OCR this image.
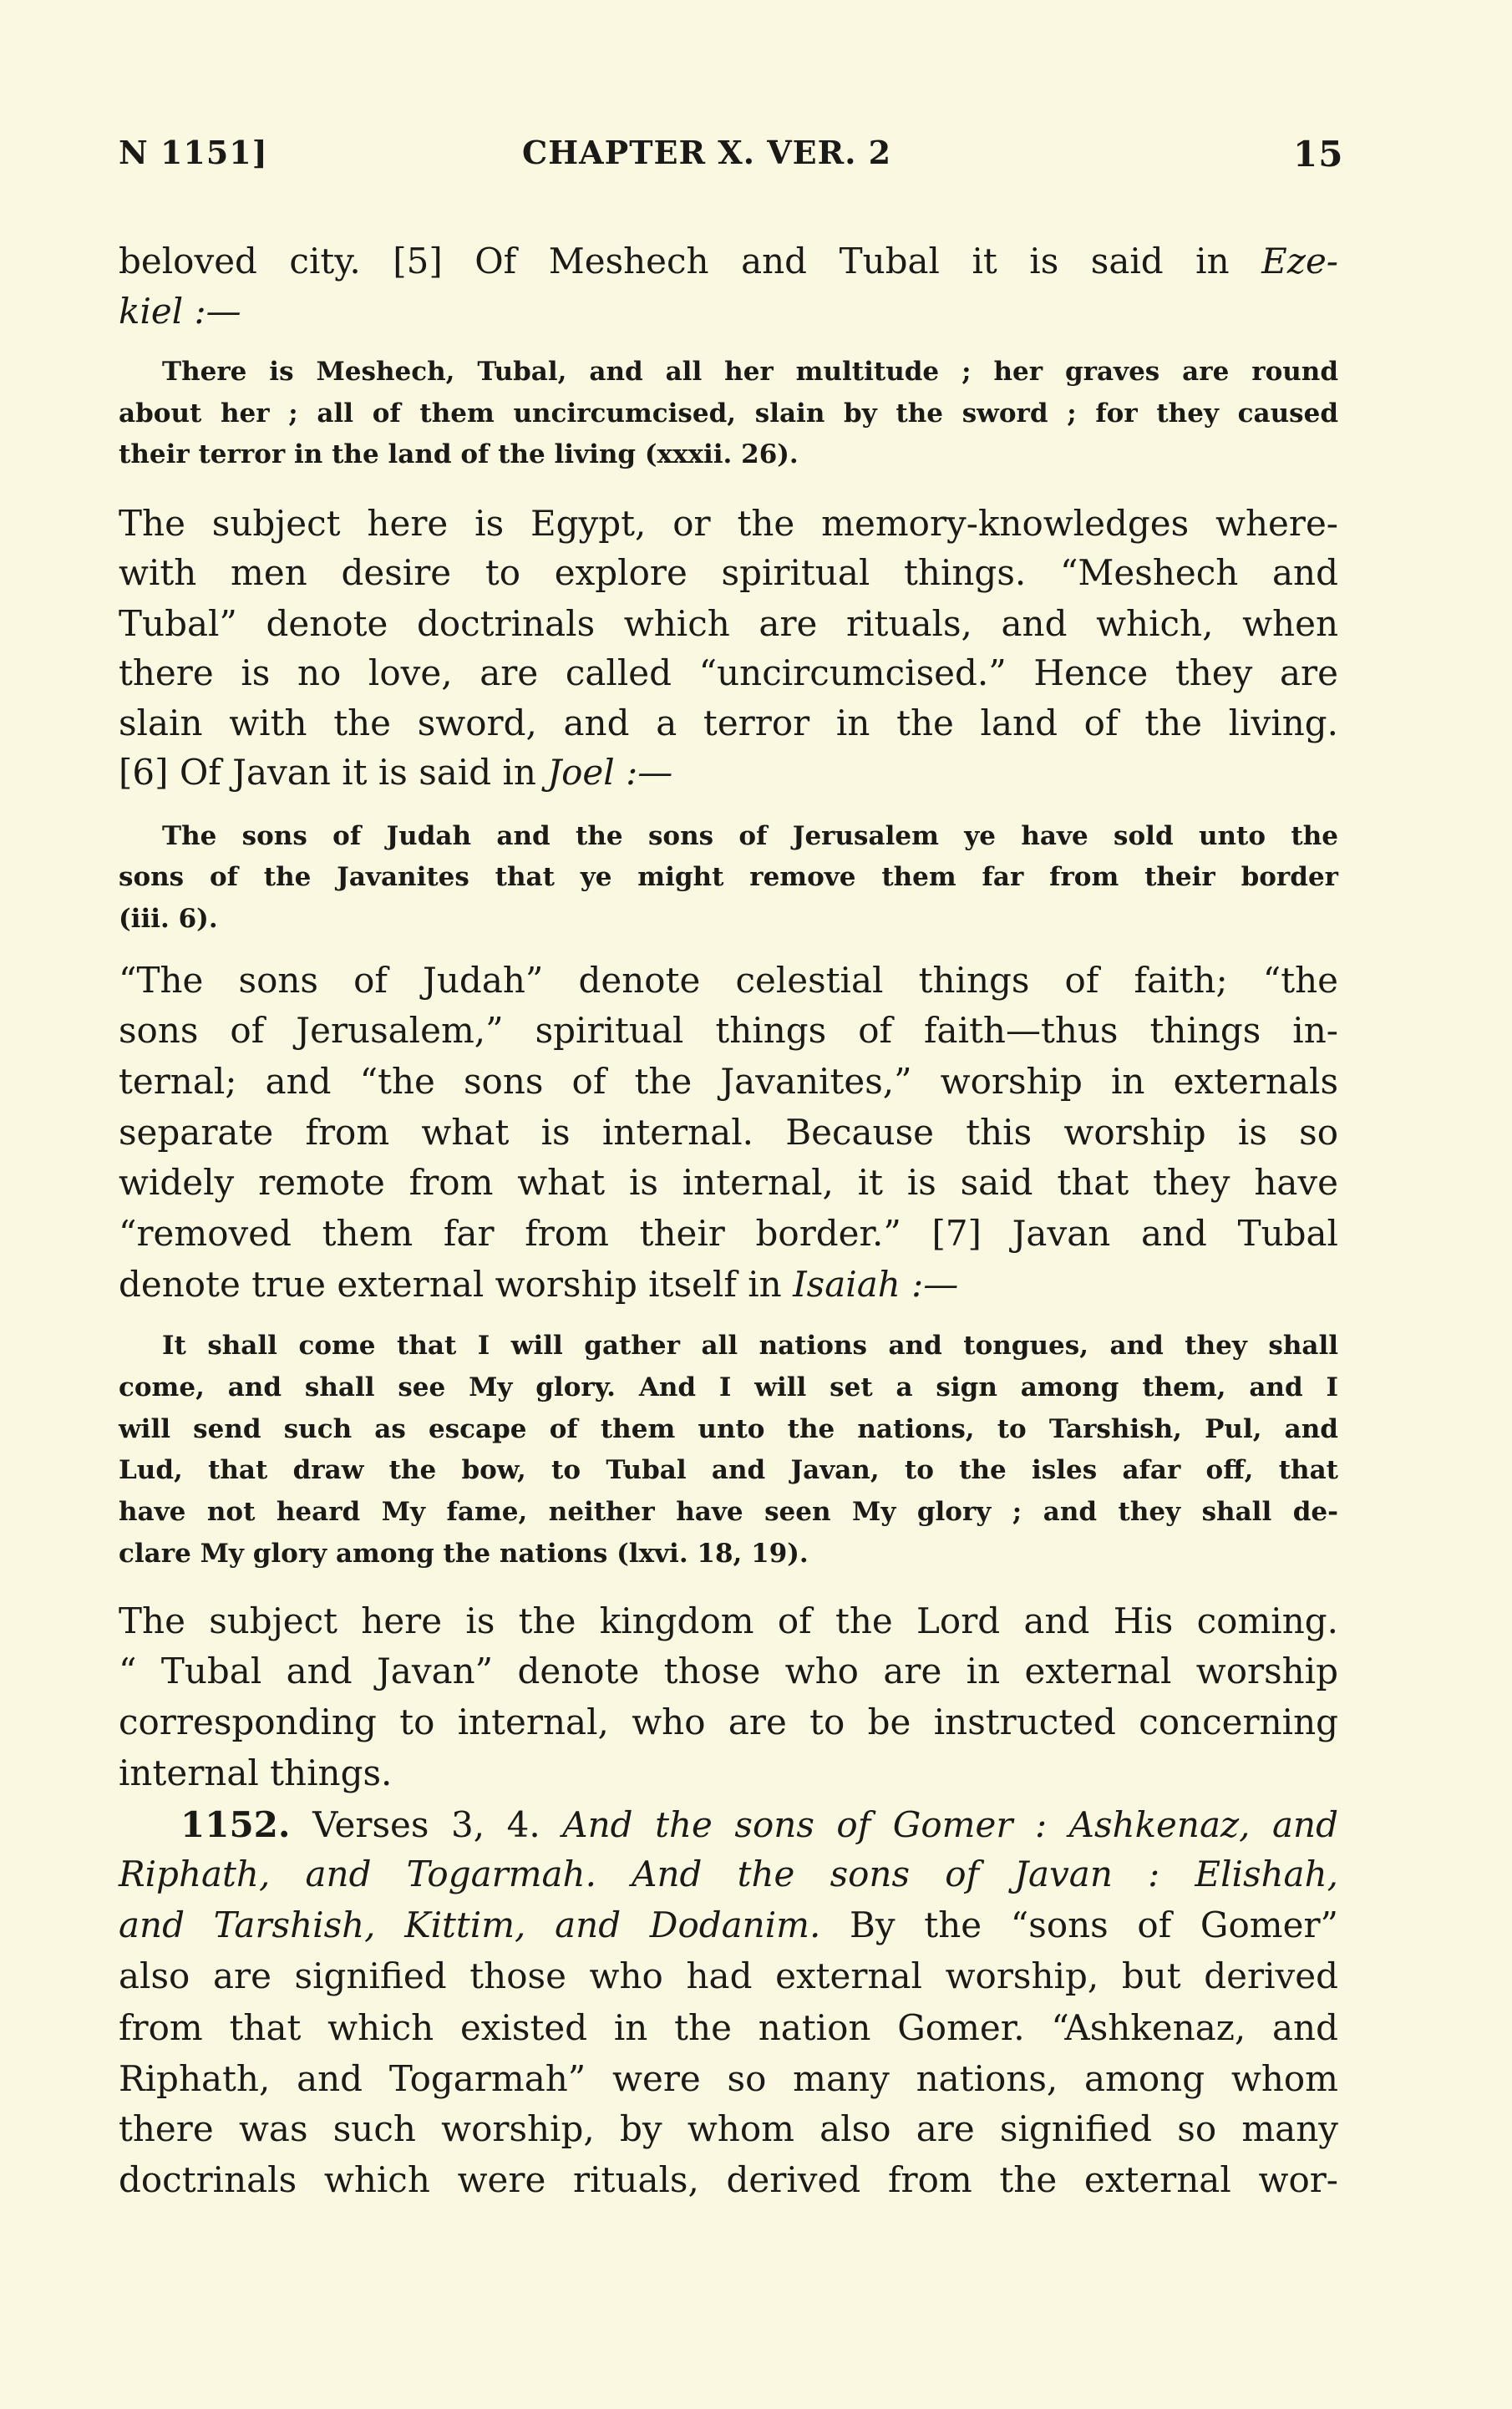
N 1151]	CHAPTER X. VER. 2	15
beloved city. [5] Of Meshech and Tubal it is said in Eze-
kiel :—
There is Meshech, Tubal, and all her multitude ; her graves are round
about her ; all of them uncircumcised, slain by the sword ; for they caused
their terror in the land of the living (xxxii. 26).
The subject here is Egypt, or the memory-knowledges where-
with men desire to explore spiritual things. “Meshech and
Tubal” denote doctrinals which are rituals, and which, when
there is no love, are called “uncircumcised.” Hence they are
slain with the sword, and a terror in the land of the living.
[6] Of Javan it is said in Joel :—
The sons of Judah and the sons of Jerusalem ye have sold unto the
sons of the Javanites that ye might remove them far from their border
(iii. 6).
“The sons of Judah” denote celestial things of faith; “the
sons of Jerusalem,” spiritual things of faith—thus things in-
ternal; and “the sons of the Javanites,” worship in externals
separate from what is internal. Because this worship is so
widely remote from what is internal, it is said that they have
“removed them far from their border.” [7] Javan and Tubal
denote true external worship itself in Isaiah :—
It shall come that I will gather all nations and tongues, and they shall
come, and shall see My glory. And I will set a sign among them, and I
will send such as escape of them unto the nations, to Tarshish, Pul, and
Lud, that draw the bow, to Tubal and Javan, to the isles afar off, that
have not heard My fame, neither have seen My glory ; and they shall de-
clare My glory among the nations (lxvi. 18, 19).
The subject here is the kingdom of the Lord and His coming.
“ Tubal and Javan” denote those who are in external worship
corresponding to internal, who are to be instructed concerning
internal things.
1152. Verses 3, 4. And the sons of Gomer : Ashkenaz, and
Riphath, and Togarmah. And the sons of Javan : Elishah,
and Tarshish, Kittim, and Dodanim. By the “sons of Gomer”
also are signified those who had external worship, but derived
from that which existed in the nation Gomer. “Ashkenaz, and
Riphath, and Togarmah” were so many nations, among whom
there was such worship, by whom also are signified so many
doctrinals which were rituals, derived from the external wor-
